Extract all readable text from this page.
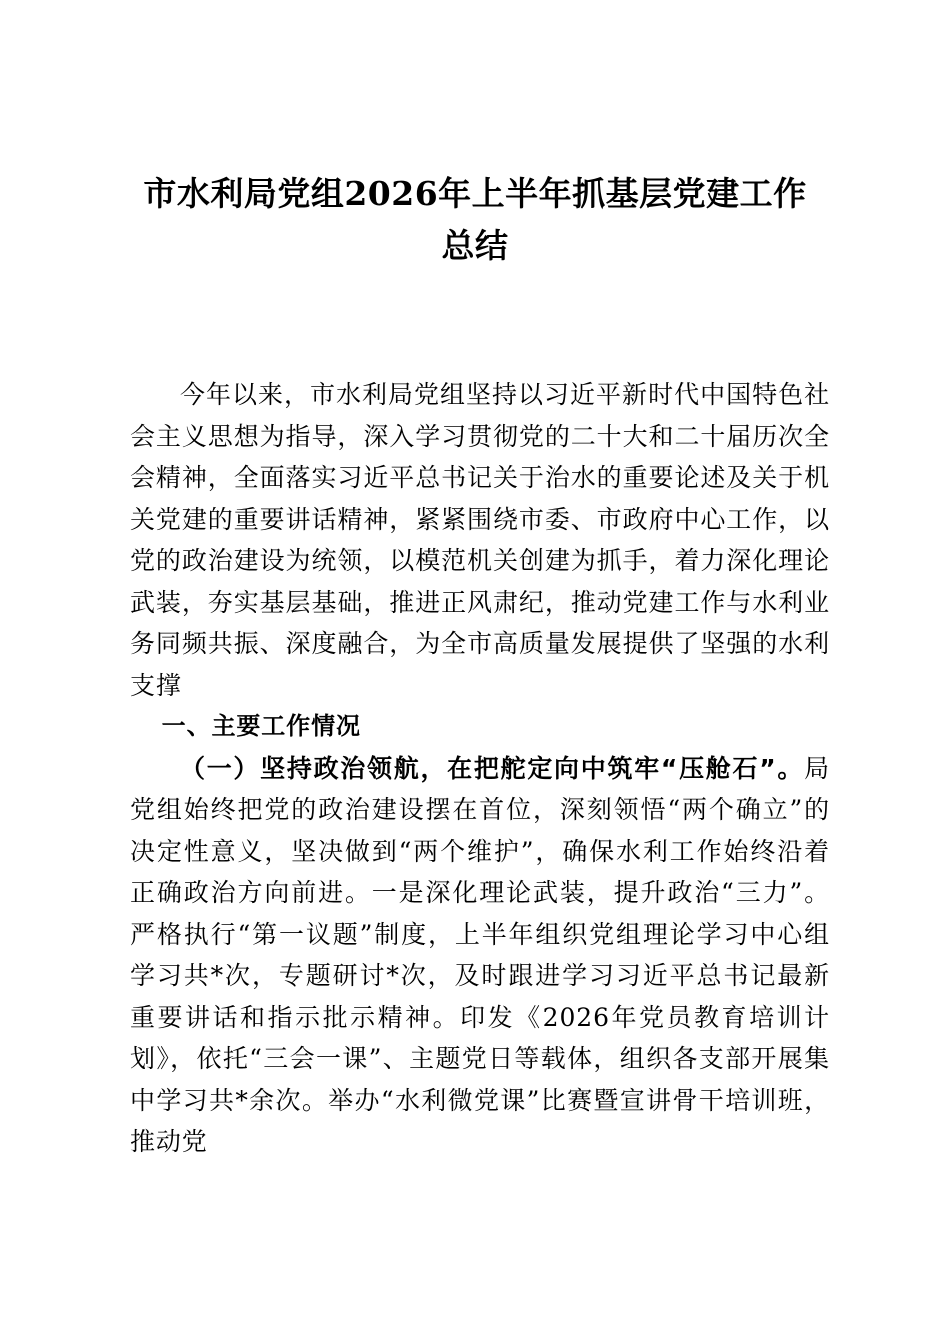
市水利局党组2026年上半年抓基层党建工作
总结

今年以来，市水利局党组坚持以习近平新时代中国特色社会主义思想为指导，深入学习贯彻党的二十大和二十届历次全会精神，全面落实习近平总书记关于治水的重要论述及关于机关党建的重要讲话精神，紧紧围绕市委、市政府中心工作，以党的政治建设为统领，以模范机关创建为抓手，着力深化理论武装，夯实基层基础，推进正风肃纪，推动党建工作与水利业务同频共振、深度融合，为全市高质量发展提供了坚强的水利支撑

一、主要工作情况

（一）坚持政治领航，在把舵定向中筑牢“压舱石”。局党组始终把党的政治建设摆在首位，深刻领悟“两个确立”的决定性意义，坚决做到“两个维护”，确保水利工作始终沿着正确政治方向前进。一是深化理论武装，提升政治“三力”。严格执行“第一议题”制度，上半年组织党组理论学习中心组学习共*次，专题研讨*次，及时跟进学习习近平总书记最新重要讲话和指示批示精神。印发《2026年党员教育培训计划》，依托“三会一课”、主题党日等载体，组织各支部开展集中学习共*余次。举办“水利微党课”比赛暨宣讲骨干培训班，推动党
